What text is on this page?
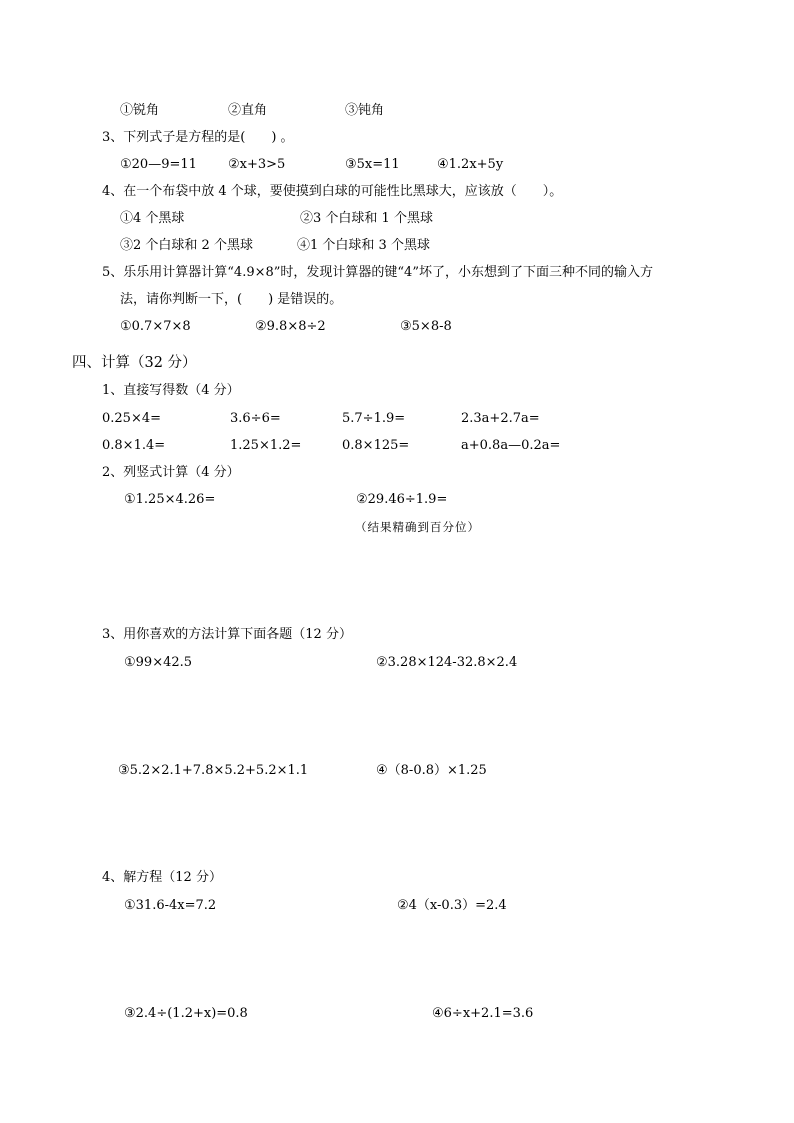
①锐角	②直角	③钝角
3、下列式子是方程的是(　　) 。
①20—9=11 ②x+3>5	③5x=11	④1.2x+5y
4、在一个布袋中放 4 个球，要使摸到白球的可能性比黑球大，应该放（　　）。
①4 个黑球	②3 个白球和 1 个黑球
③2 个白球和 2 个黑球	④1 个白球和 3 个黑球
5、乐乐用计算器计算“4.9×8”时，发现计算器的键“4”坏了，小东想到了下面三种不同的输入方
法，请你判断一下，(　　) 是错误的。
①0.7×7×8	②9.8×8÷2	③5×8-8
四、计算（32 分）
1、直接写得数（4 分）
0.25×4=	3.6÷6=	5.7÷1.9=	2.3a+2.7a=
0.8×1.4=	1.25×1.2=	0.8×125=	a+0.8a—0.2a=
2、列竖式计算（4 分）
①1.25×4.26=	②29.46÷1.9=
（结果精确到百分位）
3、用你喜欢的方法计算下面各题（12 分）
①99×42.5	②3.28×124-32.8×2.4
③5.2×2.1+7.8×5.2+5.2×1.1	④（8-0.8）×1.25
4、解方程（12 分）
①31.6-4x=7.2	②4（x-0.3）=2.4
③2.4÷(1.2+x)=0.8	④6÷x+2.1=3.6
